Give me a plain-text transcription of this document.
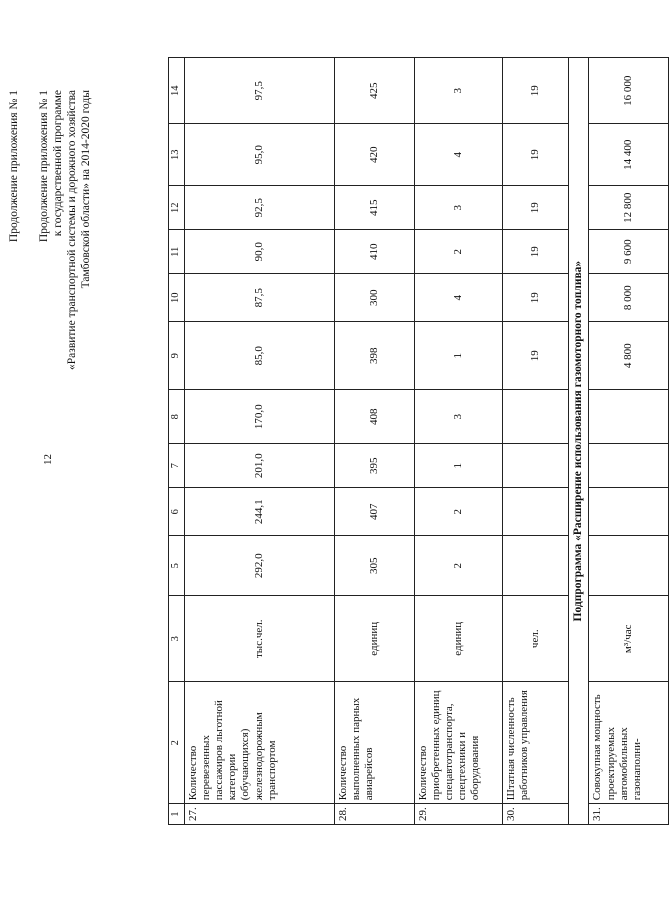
12
Продолжение приложения № 1 Продолжение приложения № 1 к государственной программе «Развитие транспортной системы и дорожного хозяйства Тамбовской области» на 2014-2020 годы
1	2	3	5	6	7	8	9	10	11	12	13	14
27.	Количество перевезенных пассажиров льготной категории (обучающихся) железнодорожным транспортом	тыс.чел.	292,0	244,1	201,0	170,0	85,0	87,5	90,0	92,5	95,0	97,5
28.	Количество выполненных парных авиарейсов	единиц	305	407	395	408	398	300	410	415	420	425
29.	Количество приобретенных единиц спецавтотранспорта, спецтехники и оборудования	единиц	2	2	1	3	1	4	2	3	4	3
30.	Штатная численность работников управления	чел.					19	19	19	19	19	19
Подпрограмма «Расширение использования газомоторного топлива»												
31.	Совокупная мощность проектируемых автомобильных газонаполни-	м³/час					4 800	8 000	9 600	12 800	14 400	16 000
